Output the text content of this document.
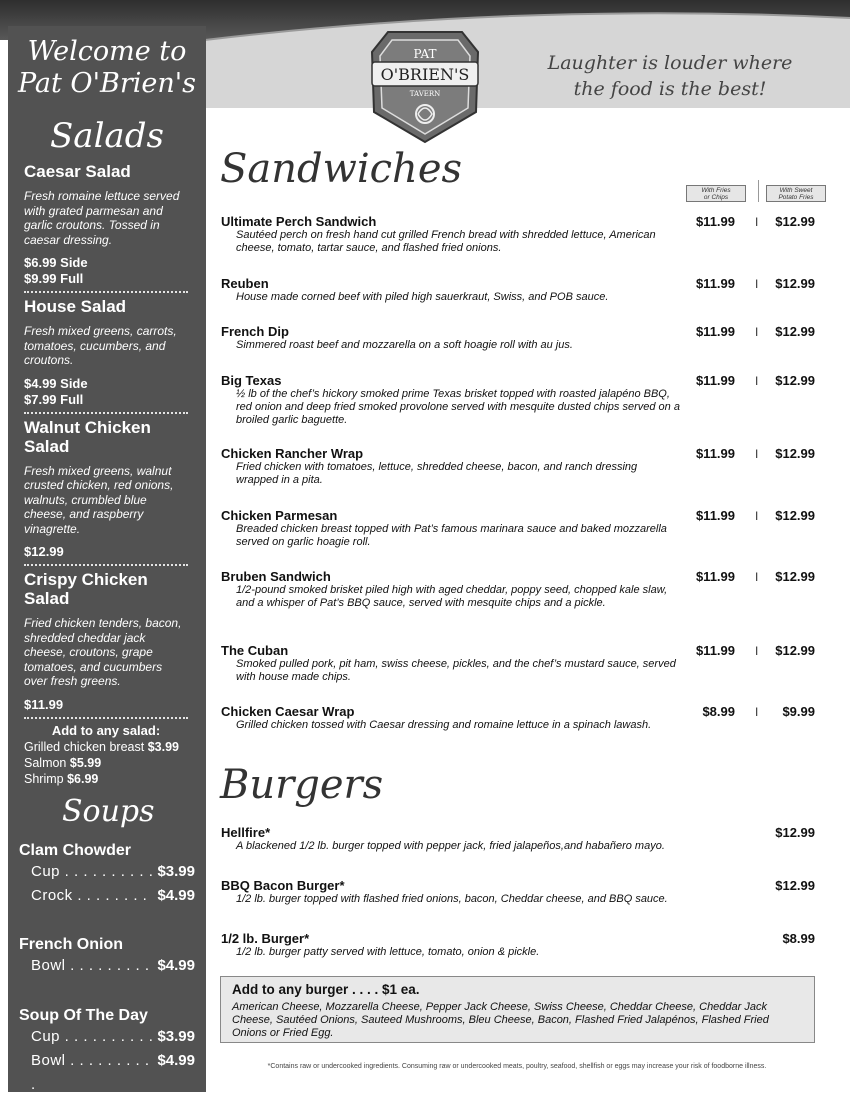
Laughter is louder where
the food is the best!
PAT
O'BRIEN'S
TAVERN
Welcome to
Pat O'Brien's
Salads
Caesar Salad
Fresh romaine lettuce served with grated parmesan and garlic croutons. Tossed in caesar dressing.
$6.99 Side
$9.99 Full
House Salad
Fresh mixed greens, carrots, tomatoes, cucumbers, and croutons.
$4.99 Side
$7.99 Full
Walnut Chicken Salad
Fresh mixed greens, walnut crusted chicken, red onions, walnuts, crumbled blue cheese, and raspberry vinagrette.
$12.99
Crispy Chicken Salad
Fried chicken tenders, bacon, shredded cheddar jack cheese, croutons, grape tomatoes, and cucumbers over fresh greens.
$11.99
Add to any salad:
Grilled chicken breast $3.99
Salmon $5.99
Shrimp $6.99
Soups
Clam Chowder
Cup . . . . . . . . . . $3.99
Crock . . . . . . . . $4.99
French Onion
Bowl . . . . . . . . . $4.99
Soup Of The Day
Cup . . . . . . . . . . $3.99
Bowl . . . . . . . . . .
$4.99
Sandwiches	With Fries
or Chips
With Sweet
Potato Fries
Ultimate Perch Sandwich
Sautéed perch on fresh hand cut grilled French bread with shredded lettuce, American cheese, tomato, tartar sauce, and flashed fried onions.
$11.99 I $12.99
Reuben
House made corned beef with piled high sauerkraut, Swiss, and POB sauce.
$11.99 I $12.99
French Dip
Simmered roast beef and mozzarella on a soft hoagie roll with au jus.
$11.99 I $12.99
Big Texas
½ lb of the chef’s hickory smoked prime Texas brisket topped with roasted jalapéno BBQ, red onion and deep fried smoked provolone served with mesquite dusted chips served on a broiled garlic baguette.
$11.99 I $12.99
Chicken Rancher Wrap
Fried chicken with tomatoes, lettuce, shredded cheese, bacon, and ranch dressing wrapped in a pita.
$11.99 I $12.99
Chicken Parmesan
Breaded chicken breast topped with Pat’s famous marinara sauce and baked mozzarella served on garlic hoagie roll.
$11.99 I $12.99
Bruben Sandwich
1/2-pound smoked brisket piled high with aged cheddar, poppy seed, chopped kale slaw, and a whisper of Pat’s BBQ sauce, served with mesquite chips and a pickle.
$11.99 I $12.99
The Cuban
Smoked pulled pork, pit ham, swiss cheese, pickles, and the chef’s mustard sauce, served with house made chips.
$11.99 I $12.99
Chicken Caesar Wrap
Grilled chicken tossed with Caesar dressing and romaine lettuce in a spinach lawash.
$8.99 I $9.99
Burgers
Hellfire*
A blackened 1/2 lb. burger topped with pepper jack, fried jalapeños,and habañero mayo.
$12.99
BBQ Bacon Burger*
1/2 lb. burger topped with flashed fried onions, bacon, Cheddar cheese, and BBQ sauce.
$12.99
1/2 lb. Burger*
1/2 lb. burger patty served with lettuce, tomato, onion & pickle.
$8.99
Add to any burger . . . . $1 ea.
American Cheese, Mozzarella Cheese, Pepper Jack Cheese, Swiss Cheese, Cheddar Cheese, Cheddar Jack Cheese, Sautéed Onions, Sauteed Mushrooms, Bleu Cheese, Bacon, Flashed Fried Jalapénos, Flashed Fried Onions or Fried Egg.
*Contains raw or undercooked ingredients. Consuming raw or undercooked meats, poultry, seafood, shellfish or eggs may increase your risk of foodborne illness.
